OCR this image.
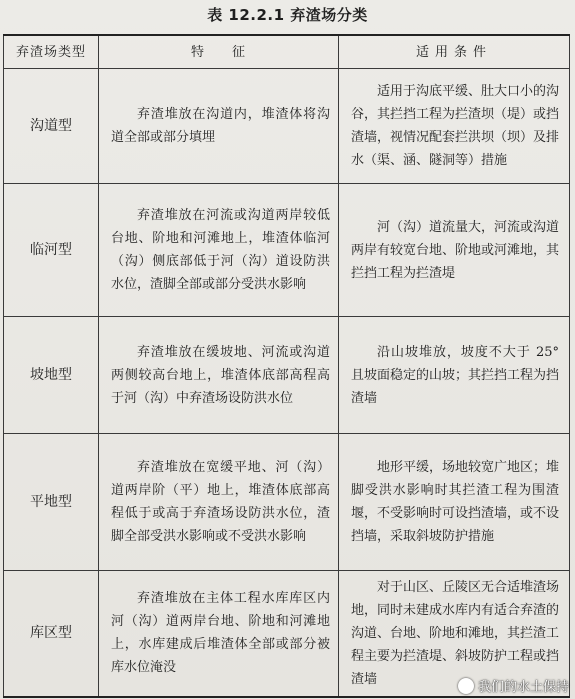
表 12.2.1 弃渣场分类
弃渣场类型	特征	适用条件
沟道型	弃渣堆放在沟道内，堆渣体将沟道全部或部分填埋	适用于沟底平缓、肚大口小的沟谷，其拦挡工程为拦渣坝（堤）或挡渣墙，视情况配套拦洪坝（坝）及排水（渠、涵、隧洞等）措施
临河型	弃渣堆放在河流或沟道两岸较低台地、阶地和河滩地上，堆渣体临河（沟）侧底部低于河（沟）道设防洪水位，渣脚全部或部分受洪水影响	河（沟）道流量大，河流或沟道两岸有较宽台地、阶地或河滩地，其拦挡工程为拦渣堤
坡地型	弃渣堆放在缓坡地、河流或沟道两侧较高台地上，堆渣体底部高程高于河（沟）中弃渣场设防洪水位	沿山坡堆放，坡度不大于 25°且坡面稳定的山坡；其拦挡工程为挡渣墙
平地型	弃渣堆放在宽缓平地、河（沟）道两岸阶（平）地上，堆渣体底部高程低于或高于弃渣场设防洪水位，渣脚全部受洪水影响或不受洪水影响	地形平缓，场地较宽广地区；堆脚受洪水影响时其拦渣工程为围渣堰，不受影响时可设挡渣墙，或不设挡墙，采取斜坡防护措施
库区型	弃渣堆放在主体工程水库库区内河（沟）道两岸台地、阶地和河滩地上，水库建成后堆渣体全部或部分被库水位淹没	对于山区、丘陵区无合适堆渣场地，同时未建成水库内有适合弃渣的沟道、台地、阶地和滩地，其拦渣工程主要为拦渣堤、斜坡防护工程或挡渣墙
我们的水土保持
